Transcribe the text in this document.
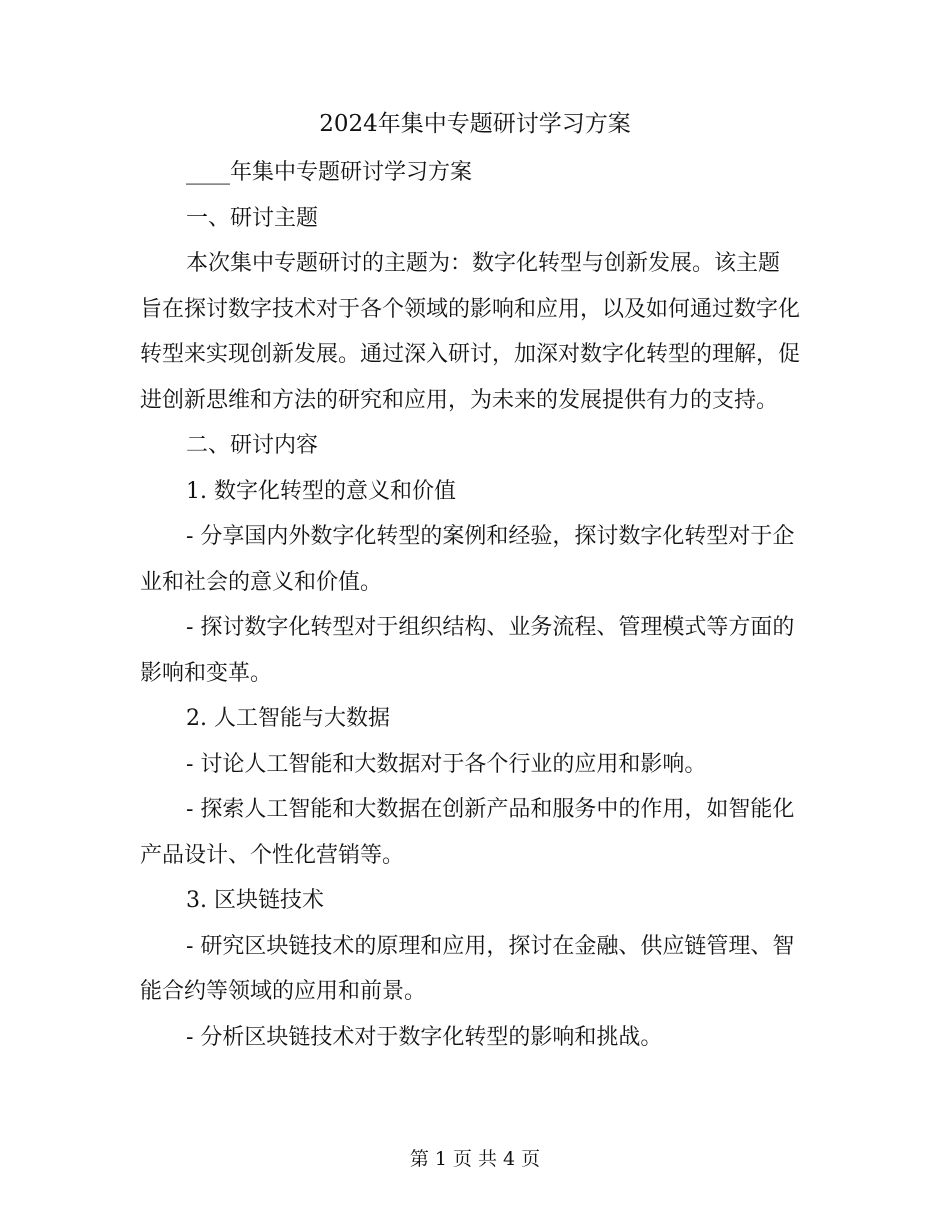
2024年集中专题研讨学习方案

____年集中专题研讨学习方案

一、研讨主题

本次集中专题研讨的主题为：数字化转型与创新发展。该主题旨在探讨数字技术对于各个领域的影响和应用，以及如何通过数字化转型来实现创新发展。通过深入研讨，加深对数字化转型的理解，促进创新思维和方法的研究和应用，为未来的发展提供有力的支持。

二、研讨内容

1. 数字化转型的意义和价值

- 分享国内外数字化转型的案例和经验，探讨数字化转型对于企业和社会的意义和价值。

- 探讨数字化转型对于组织结构、业务流程、管理模式等方面的影响和变革。

2. 人工智能与大数据

- 讨论人工智能和大数据对于各个行业的应用和影响。

- 探索人工智能和大数据在创新产品和服务中的作用，如智能化产品设计、个性化营销等。

3. 区块链技术

- 研究区块链技术的原理和应用，探讨在金融、供应链管理、智能合约等领域的应用和前景。

- 分析区块链技术对于数字化转型的影响和挑战。

第 1 页 共 4 页
